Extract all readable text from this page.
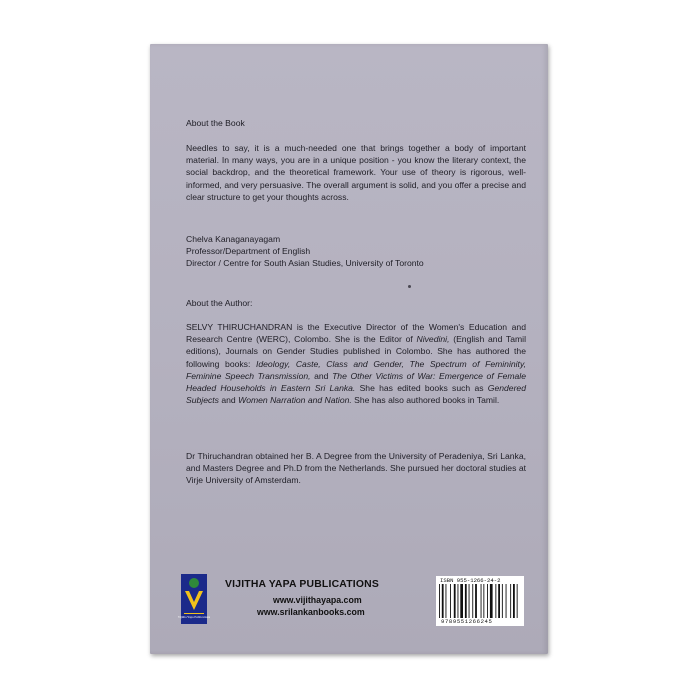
About the Book

Needles to say, it is a much-needed one that brings together a body of important material. In many ways, you are in a unique position - you know the literary context, the social backdrop, and the theoretical framework. Your use of theory is rigorous, well-informed, and very persuasive. The overall argument is solid, and you offer a precise and clear structure to get your thoughts across.

Chelva Kanaganayagam

Professor/Department of English

Director / Centre for South Asian Studies, University of Toronto

About the Author:

SELVY THIRUCHANDRAN is the Executive Director of the Women's Education and Research Centre (WERC), Colombo. She is the Editor of Nivedini, (English and Tamil editions), Journals on Gender Studies published in Colombo. She has authored the following books: Ideology, Caste, Class and Gender, The Spectrum of Femininity, Feminine Speech Transmission, and The Other Victims of War: Emergence of Female Headed Households in Eastern Sri Lanka. She has edited books such as Gendered Subjects and Women Narration and Nation. She has also authored books in Tamil.

Dr Thiruchandran obtained her B. A Degree from the University of Peradeniya, Sri Lanka, and Masters Degree and Ph.D from the Netherlands. She pursued her doctoral studies at Virje University of Amsterdam.

Vijitha Yapa Publications
VIJITHA YAPA PUBLICATIONS
www.vijithayapa.com
www.srilankanbooks.com
ISBN 955-1266-24-2
9789551266245
